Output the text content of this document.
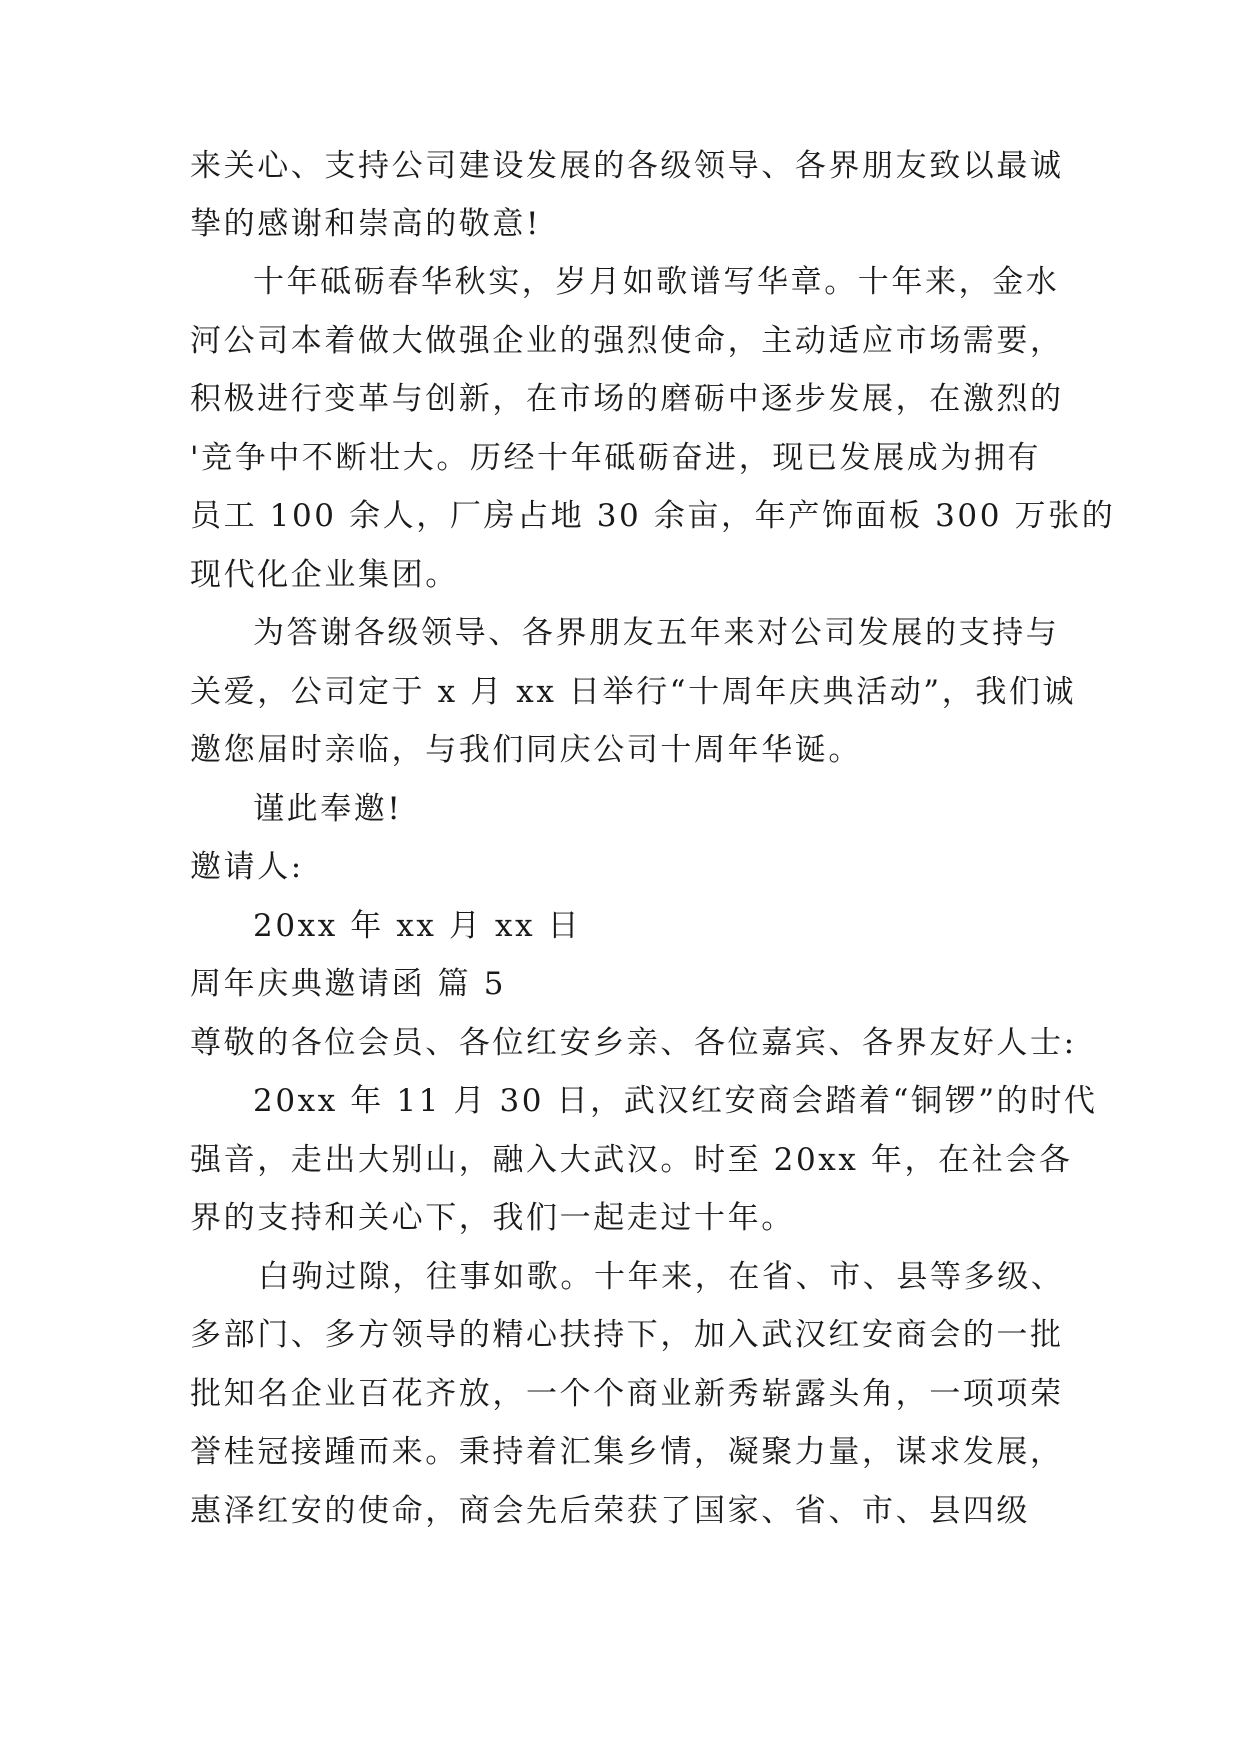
来关心、支持公司建设发展的各级领导、各界朋友致以最诚
挚的感谢和崇高的敬意!
十年砥砺春华秋实，岁月如歌谱写华章。十年来，金水
河公司本着做大做强企业的强烈使命，主动适应市场需要，
积极进行变革与创新，在市场的磨砺中逐步发展，在激烈的
'竞争中不断壮大。历经十年砥砺奋进，现已发展成为拥有
员工 100 余人，厂房占地 30 余亩，年产饰面板 300 万张的
现代化企业集团。
为答谢各级领导、各界朋友五年来对公司发展的支持与
关爱，公司定于 x 月 xx 日举行“十周年庆典活动”，我们诚
邀您届时亲临，与我们同庆公司十周年华诞。
谨此奉邀!
邀请人:
20xx 年 xx 月 xx 日
周年庆典邀请函 篇 5
尊敬的各位会员、各位红安乡亲、各位嘉宾、各界友好人士:
20xx 年 11 月 30 日，武汉红安商会踏着“铜锣”的时代
强音，走出大别山，融入大武汉。时至 20xx 年，在社会各
界的支持和关心下，我们一起走过十年。
白驹过隙，往事如歌。十年来，在省、市、县等多级、
多部门、多方领导的精心扶持下，加入武汉红安商会的一批
批知名企业百花齐放，一个个商业新秀崭露头角，一项项荣
誉桂冠接踵而来。秉持着汇集乡情，凝聚力量，谋求发展，
惠泽红安的使命，商会先后荣获了国家、省、市、县四级
